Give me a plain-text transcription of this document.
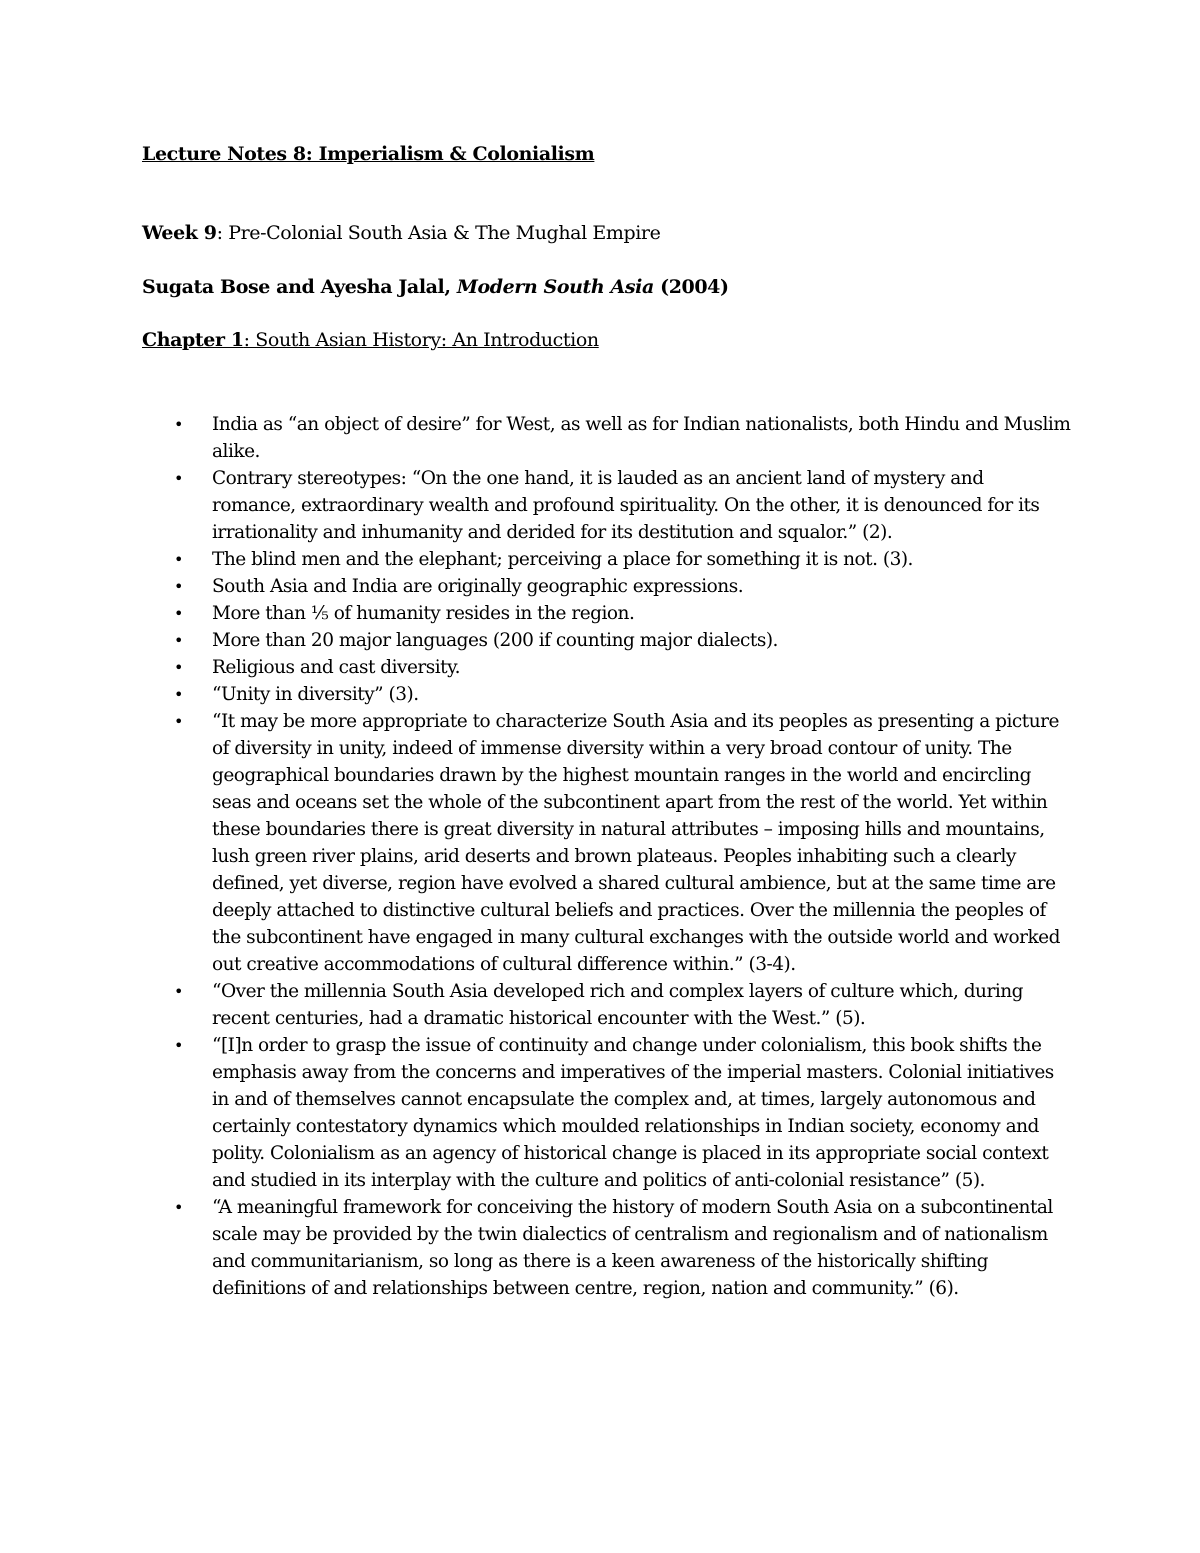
Lecture Notes 8: Imperialism & Colonialism

Week 9: Pre-Colonial South Asia & The Mughal Empire

Sugata Bose and Ayesha Jalal, Modern South Asia (2004)

Chapter 1: South Asian History: An Introduction

• India as “an object of desire” for West, as well as for Indian nationalists, both Hindu and Muslim alike.
• Contrary stereotypes: “On the one hand, it is lauded as an ancient land of mystery and romance, extraordinary wealth and profound spirituality. On the other, it is denounced for its irrationality and inhumanity and derided for its destitution and squalor.” (2).
• The blind men and the elephant; perceiving a place for something it is not. (3).
• South Asia and India are originally geographic expressions.
• More than ⅕ of humanity resides in the region.
• More than 20 major languages (200 if counting major dialects).
• Religious and cast diversity.
• “Unity in diversity” (3).
• “It may be more appropriate to characterize South Asia and its peoples as presenting a picture of diversity in unity, indeed of immense diversity within a very broad contour of unity. The geographical boundaries drawn by the highest mountain ranges in the world and encircling seas and oceans set the whole of the subcontinent apart from the rest of the world. Yet within these boundaries there is great diversity in natural attributes – imposing hills and mountains, lush green river plains, arid deserts and brown plateaus. Peoples inhabiting such a clearly defined, yet diverse, region have evolved a shared cultural ambience, but at the same time are deeply attached to distinctive cultural beliefs and practices. Over the millennia the peoples of the subcontinent have engaged in many cultural exchanges with the outside world and worked out creative accommodations of cultural difference within.” (3-4).
• “Over the millennia South Asia developed rich and complex layers of culture which, during recent centuries, had a dramatic historical encounter with the West.” (5).
• “[I]n order to grasp the issue of continuity and change under colonialism, this book shifts the emphasis away from the concerns and imperatives of the imperial masters. Colonial initiatives in and of themselves cannot encapsulate the complex and, at times, largely autonomous and certainly contestatory dynamics which moulded relationships in Indian society, economy and polity. Colonialism as an agency of historical change is placed in its appropriate social context and studied in its interplay with the culture and politics of anti-colonial resistance” (5).
• “A meaningful framework for conceiving the history of modern South Asia on a subcontinental scale may be provided by the twin dialectics of centralism and regionalism and of nationalism and communitarianism, so long as there is a keen awareness of the historically shifting definitions of and relationships between centre, region, nation and community.” (6).
